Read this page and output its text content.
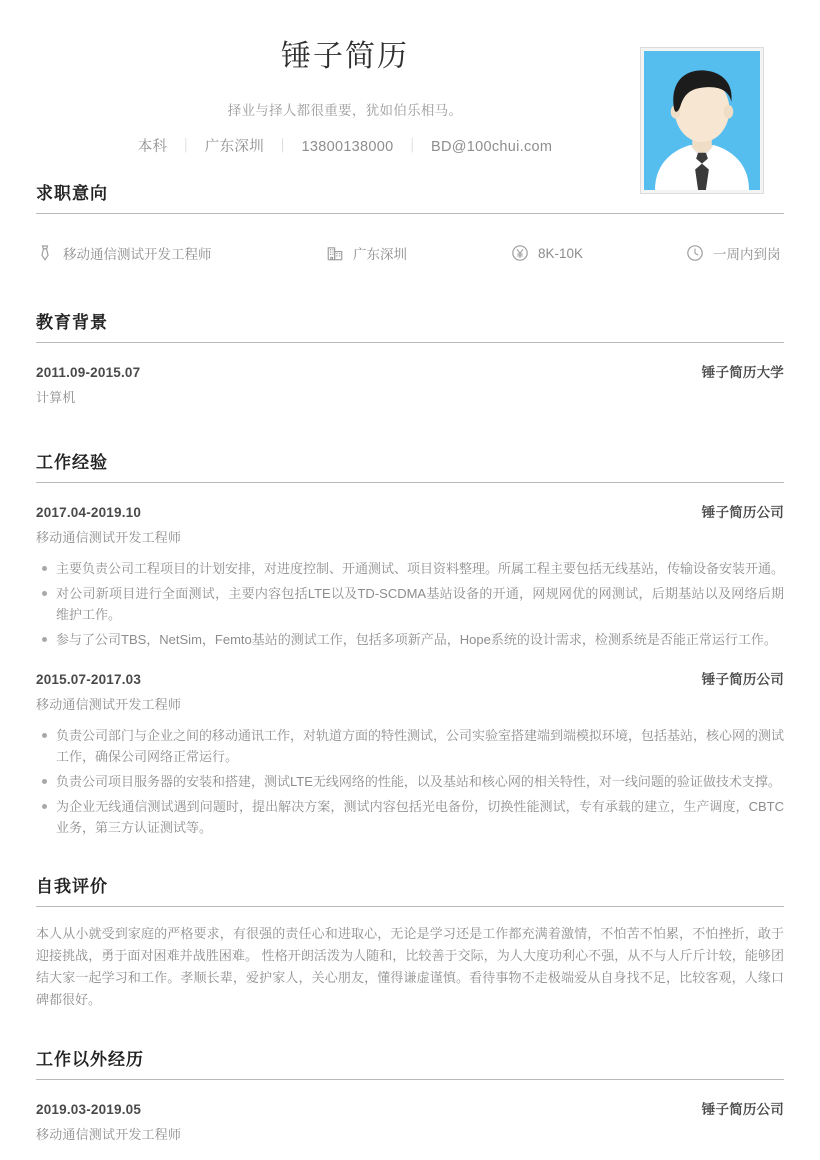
锤子简历
择业与择人都很重要，犹如伯乐相马。
本科 ｜ 广东深圳 ｜ 13800138000 ｜ BD@100chui.com
求职意向
移动通信测试开发工程师	广东深圳	8K-10K	一周内到岗
教育背景
2011.09-2015.07	锤子简历大学
计算机
工作经验
2017.04-2019.10	锤子简历公司
移动通信测试开发工程师
主要负责公司工程项目的计划安排，对进度控制、开通测试、项目资料整理。所属工程主要包括无线基站，传输设备安装开通。
对公司新项目进行全面测试，主要内容包括LTE以及TD-SCDMA基站设备的开通，网规网优的网测试，后期基站以及网络后期维护工作。
参与了公司TBS，NetSim，Femto基站的测试工作，包括多项新产品，Hope系统的设计需求，检测系统是否能正常运行工作。
2015.07-2017.03	锤子简历公司
移动通信测试开发工程师
负责公司部门与企业之间的移动通讯工作，对轨道方面的特性测试，公司实验室搭建端到端模拟环境，包括基站，核心网的测试工作，确保公司网络正常运行。
负责公司项目服务器的安装和搭建，测试LTE无线网络的性能，以及基站和核心网的相关特性，对一线问题的验证做技术支撑。
为企业无线通信测试遇到问题时，提出解决方案，测试内容包括光电备份，切换性能测试，专有承载的建立，生产调度，CBTC业务，第三方认证测试等。
自我评价
本人从小就受到家庭的严格要求，有很强的责任心和进取心，无论是学习还是工作都充满着激情，不怕苦不怕累，不怕挫折，敢于迎接挑战，勇于面对困难并战胜困难。 性格开朗活泼为人随和，比较善于交际，为人大度功利心不强，从不与人斤斤计较，能够团结大家一起学习和工作。孝顺长辈，爱护家人，关心朋友，懂得谦虚谨慎。看待事物不走极端爱从自身找不足，比较客观，人缘口碑都很好。
工作以外经历
2019.03-2019.05	锤子简历公司
移动通信测试开发工程师
